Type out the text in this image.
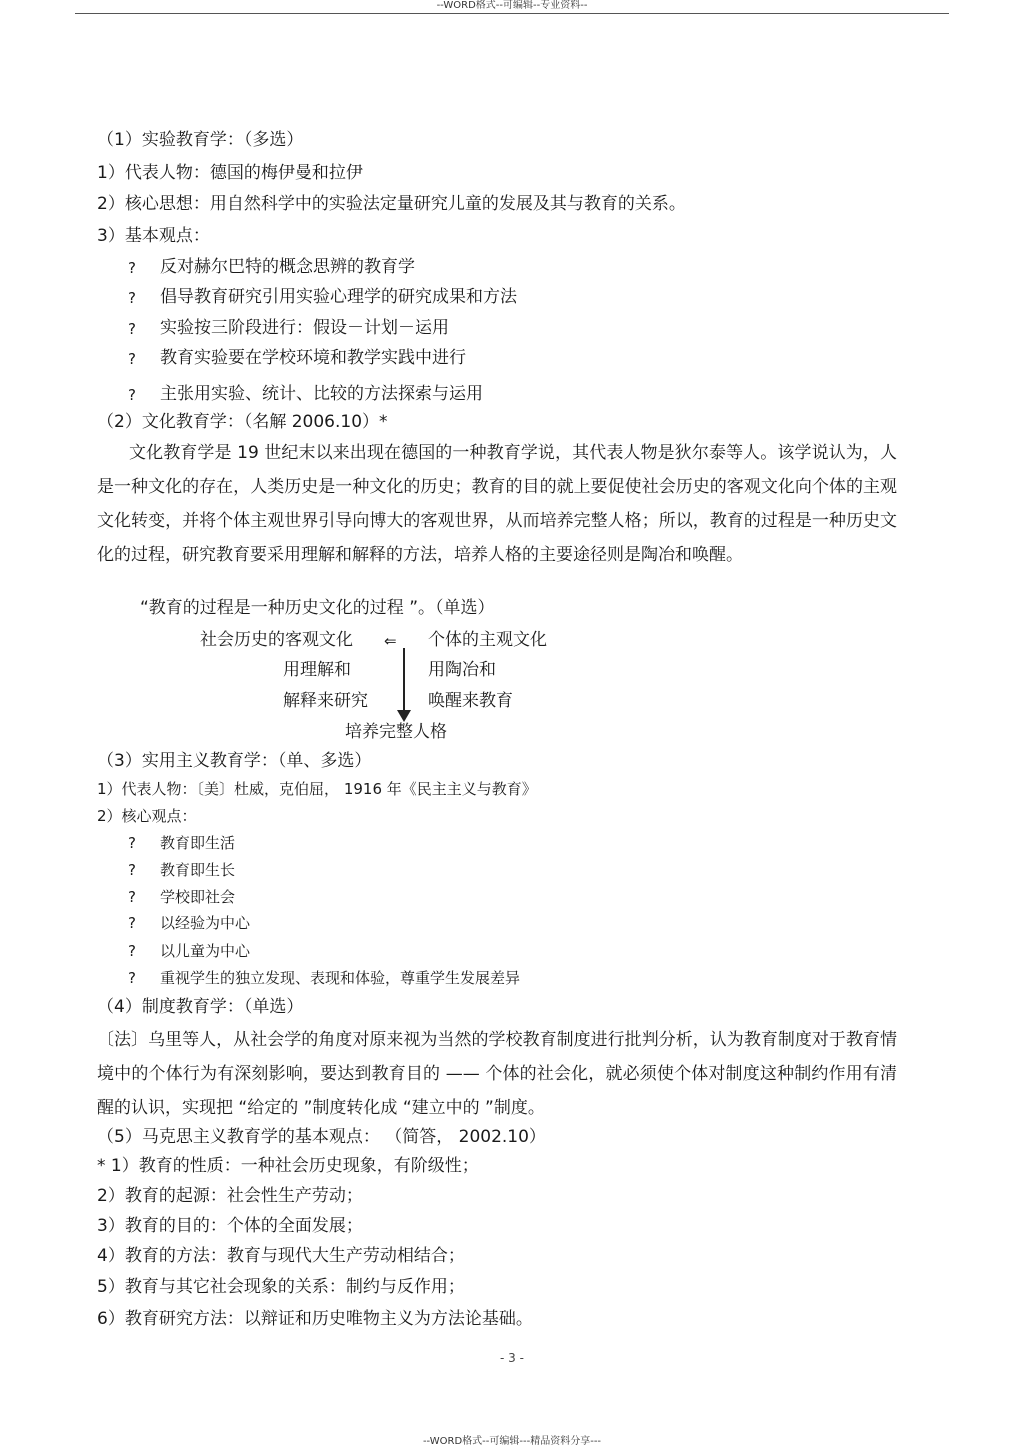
--WORD格式--可编辑--专业资料--
（1）实验教育学：（多选）
1）代表人物：德国的梅伊曼和拉伊
2）核心思想：用自然科学中的实验法定量研究儿童的发展及其与教育的关系。
3）基本观点：
? 反对赫尔巴特的概念思辨的教育学
? 倡导教育研究引用实验心理学的研究成果和方法
? 实验按三阶段进行：假设－计划－运用
? 教育实验要在学校环境和教学实践中进行
? 主张用实验、统计、比较的方法探索与运用
（2）文化教育学：（名解 2006.10）*
文化教育学是 19 世纪末以来出现在德国的一种教育学说，其代表人物是狄尔泰等人。该学说认为，人是一种文化的存在，人类历史是一种文化的历史；教育的目的就上要促使社会历史的客观文化向个体的主观文化转变，并将个体主观世界引导向博大的客观世界，从而培养完整人格；所以，教育的过程是一种历史文化的过程，研究教育要采用理解和解释的方法，培养人格的主要途径则是陶冶和唤醒。
“教育的过程是一种历史文化的过程 ”。（单选）
社会历史的客观文化 ⇐ 个体的主观文化
用理解和	用陶冶和
解释来研究	唤醒来教育
培养完整人格
（3）实用主义教育学：（单、多选）
1）代表人物：〔美〕杜威，克伯屈， 1916 年《民主主义与教育》
2）核心观点：
? 教育即生活
? 教育即生长
? 学校即社会
? 以经验为中心
? 以儿童为中心
? 重视学生的独立发现、表现和体验，尊重学生发展差异
（4）制度教育学：（单选）
〔法〕乌里等人，从社会学的角度对原来视为当然的学校教育制度进行批判分析，认为教育制度对于教育情境中的个体行为有深刻影响，要达到教育目的 —— 个体的社会化，就必须使个体对制度这种制约作用有清醒的认识，实现把 “给定的 ”制度转化成 “建立中的 ”制度。
（5）马克思主义教育学的基本观点： （简答， 2002.10）
* 1）教育的性质：一种社会历史现象，有阶级性；
2）教育的起源：社会性生产劳动；
3）教育的目的：个体的全面发展；
4）教育的方法：教育与现代大生产劳动相结合；
5）教育与其它社会现象的关系：制约与反作用；
6）教育研究方法：以辩证和历史唯物主义为方法论基础。
- 3 -
--WORD格式--可编辑---精品资料分享---
